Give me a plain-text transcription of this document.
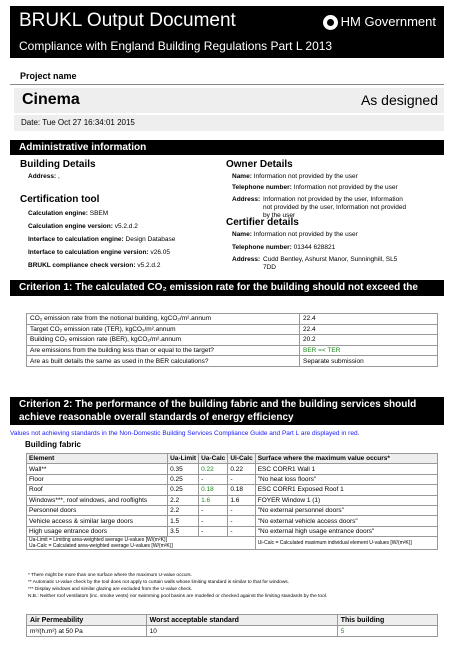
BRUKL Output Document
Compliance with England Building Regulations Part L 2013
HM Government
Project name
Cinema	As designed
Date: Tue Oct 27 16:34:01 2015
Administrative information
Building Details
Address: ,
Certification tool
Calculation engine: SBEM
Calculation engine version: v5.2.d.2
Interface to calculation engine: Design Database
Interface to calculation engine version: v26.05
BRUKL compliance check version: v5.2.d.2
Owner Details
Name: Information not provided by the user
Telephone number: Information not provided by the user
Address: Information not provided by the user, Information
not provided by the user, Information not provided
by the user
Certifier details
Name: Information not provided by the user
Telephone number: 01344 628821
Address: Cudd Bentley, Ashurst Manor, Sunninghill, SL5
7DD
Criterion 1: The calculated CO₂ emission rate for the building should not exceed the target
CO₂ emission rate from the notional building, kgCO₂/m².annum	22.4
Target CO₂ emission rate (TER), kgCO₂/m².annum	22.4
Building CO₂ emission rate (BER), kgCO₂/m².annum	20.2
Are emissions from the building less than or equal to the target?	BER =< TER
Are as built details the same as used in the BER calculations?	Separate submission
Criterion 2: The performance of the building fabric and the building services should
achieve reasonable overall standards of energy efficiency
Values not achieving standards in the Non-Domestic Building Services Compliance Guide and Part L are displayed in red.
Building fabric
Element	Ua-Limit	Ua-Calc	Ui-Calc	Surface where the maximum value occurs*
Wall**	0.35	0.22	0.22	ESC CORR1 Wall 1
Floor	0.25	-	-	"No heat loss floors"
Roof	0.25	0.18	0.18	ESC CORR1 Exposed Roof 1
Windows***, roof windows, and rooflights	2.2	1.6	1.6	FOYER Window 1 (1)
Personnel doors	2.2	-	-	"No external personnel doors"
Vehicle access & similar large doors	1.5	-	-	"No external vehicle access doors"
High usage entrance doors	3.5	-	-	"No external high usage entrance doors"

Ua-Limit = Limiting area-weighted average U-values [W/(m²K)]
Ua-Calc = Calculated area-weighted average U-values [W/(m²K)]				Ui-Calc = Calculated maximum individual element U-values [W/(m²K)]
* There might be more than one surface where the maximum U-value occurs.
** Automatic U-value check by the tool does not apply to curtain walls whose limiting standard is similar to that for windows.
*** Display windows and similar glazing are excluded from the U-value check.
N.B.: Neither roof ventilators (inc. smoke vents) nor swimming pool basins are modelled or checked against the limiting standards by the tool.
Air Permeability	Worst acceptable standard	This building
m³/(h.m²) at 50 Pa	10	5
